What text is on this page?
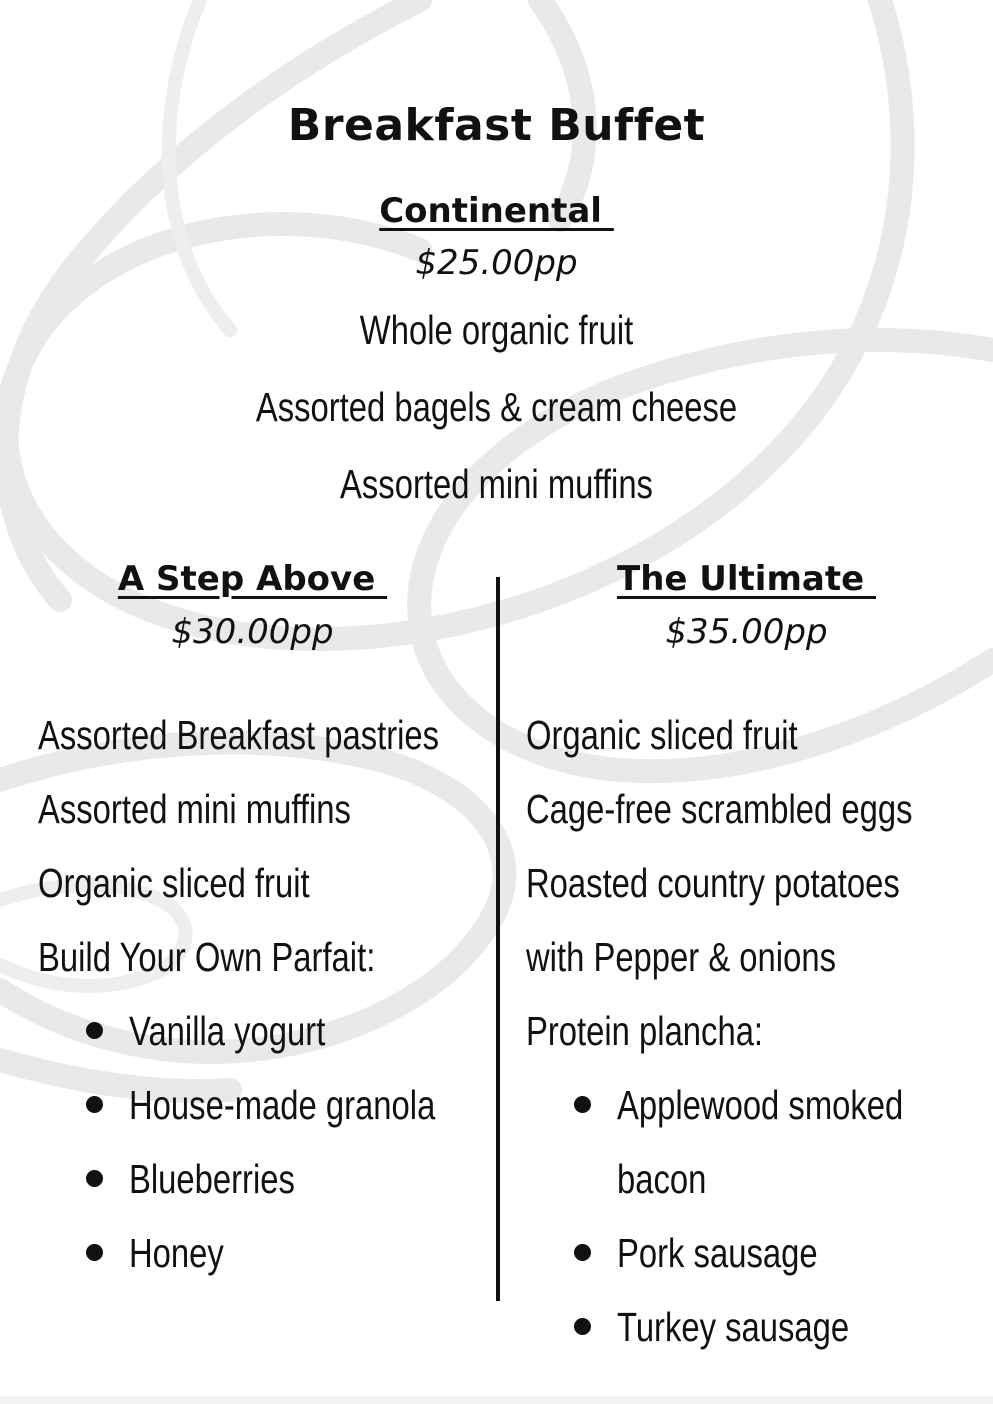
Breakfast Buffet
Continental
$25.00pp
Whole organic fruit
Assorted bagels & cream cheese
Assorted mini muffins
A Step Above
$30.00pp
Assorted Breakfast pastries
Assorted mini muffins
Organic sliced fruit
Build Your Own Parfait:
Vanilla yogurt
House-made granola
Blueberries
Honey
The Ultimate
$35.00pp
Organic sliced fruit
Cage-free scrambled eggs
Roasted country potatoes
with Pepper & onions
Protein plancha:
Applewood smoked
bacon
Pork sausage
Turkey sausage
